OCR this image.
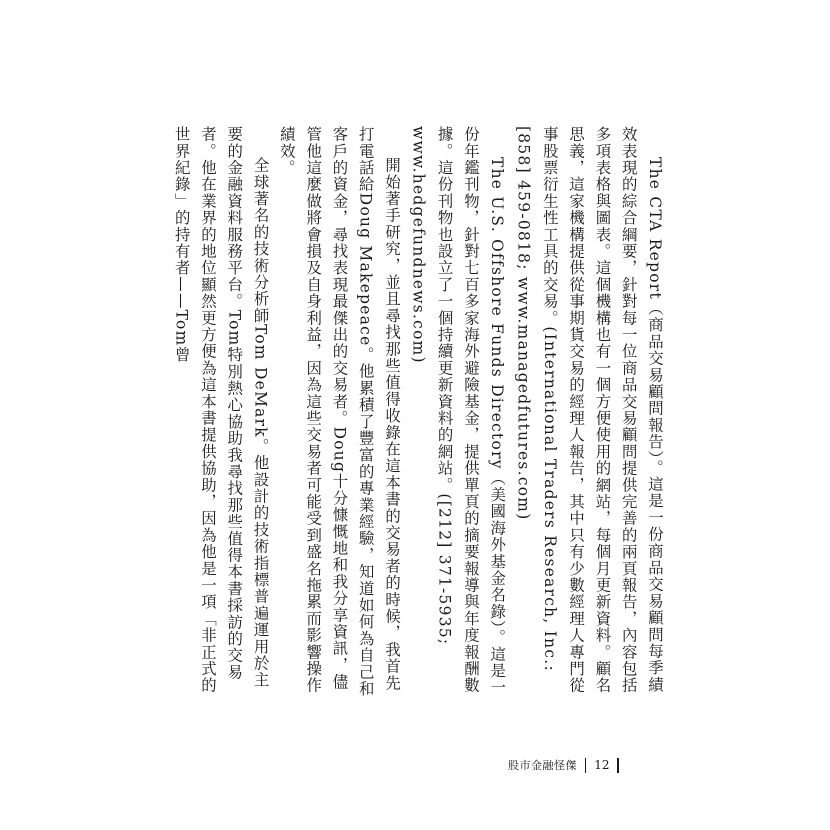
The CTA Report（商品交易顧問報告）。這是一份商品交易顧問每季績效表現的綜合綱要，針對每一位商品交易顧問提供完善的兩頁報告，內容包括多項表格與圖表。這個機構也有一個方便使用的網站，每個月更新資料。顧名思義，這家機構提供從事期貨交易的經理人報告，其中只有少數經理人專門從事股票衍生性工具的交易。(International Traders Research, Inc.: [858] 459-0818; www.managedfutures.com)

The U.S. Offshore Funds Directory（美國海外基金名錄）。這是一份年鑑刊物，針對七百多家海外避險基金，提供單頁的摘要報導與年度報酬數據。這份刊物也設立了一個持續更新資料的網站。([212] 371-5935; www.hedgefundnews.com)

開始著手研究，並且尋找那些值得收錄在這本書的交易者的時候，我首先打電話給Doug Makepeace。他累積了豐富的專業經驗，知道如何為自己和客戶的資金，尋找表現最傑出的交易者。Doug十分慷慨地和我分享資訊，儘管他這麼做將會損及自身利益，因為這些交易者可能受到盛名拖累而影響操作績效。

全球著名的技術分析師Tom DeMark。他設計的技術指標普遍運用於主要的金融資料服務平台。Tom特別熱心協助我尋找那些值得本書採訪的交易者。他在業界的地位顯然更方便為這本書提供協助，因為他是一項「非正式的世界紀錄」的持有者——Tom曾

股市金融怪傑 12
